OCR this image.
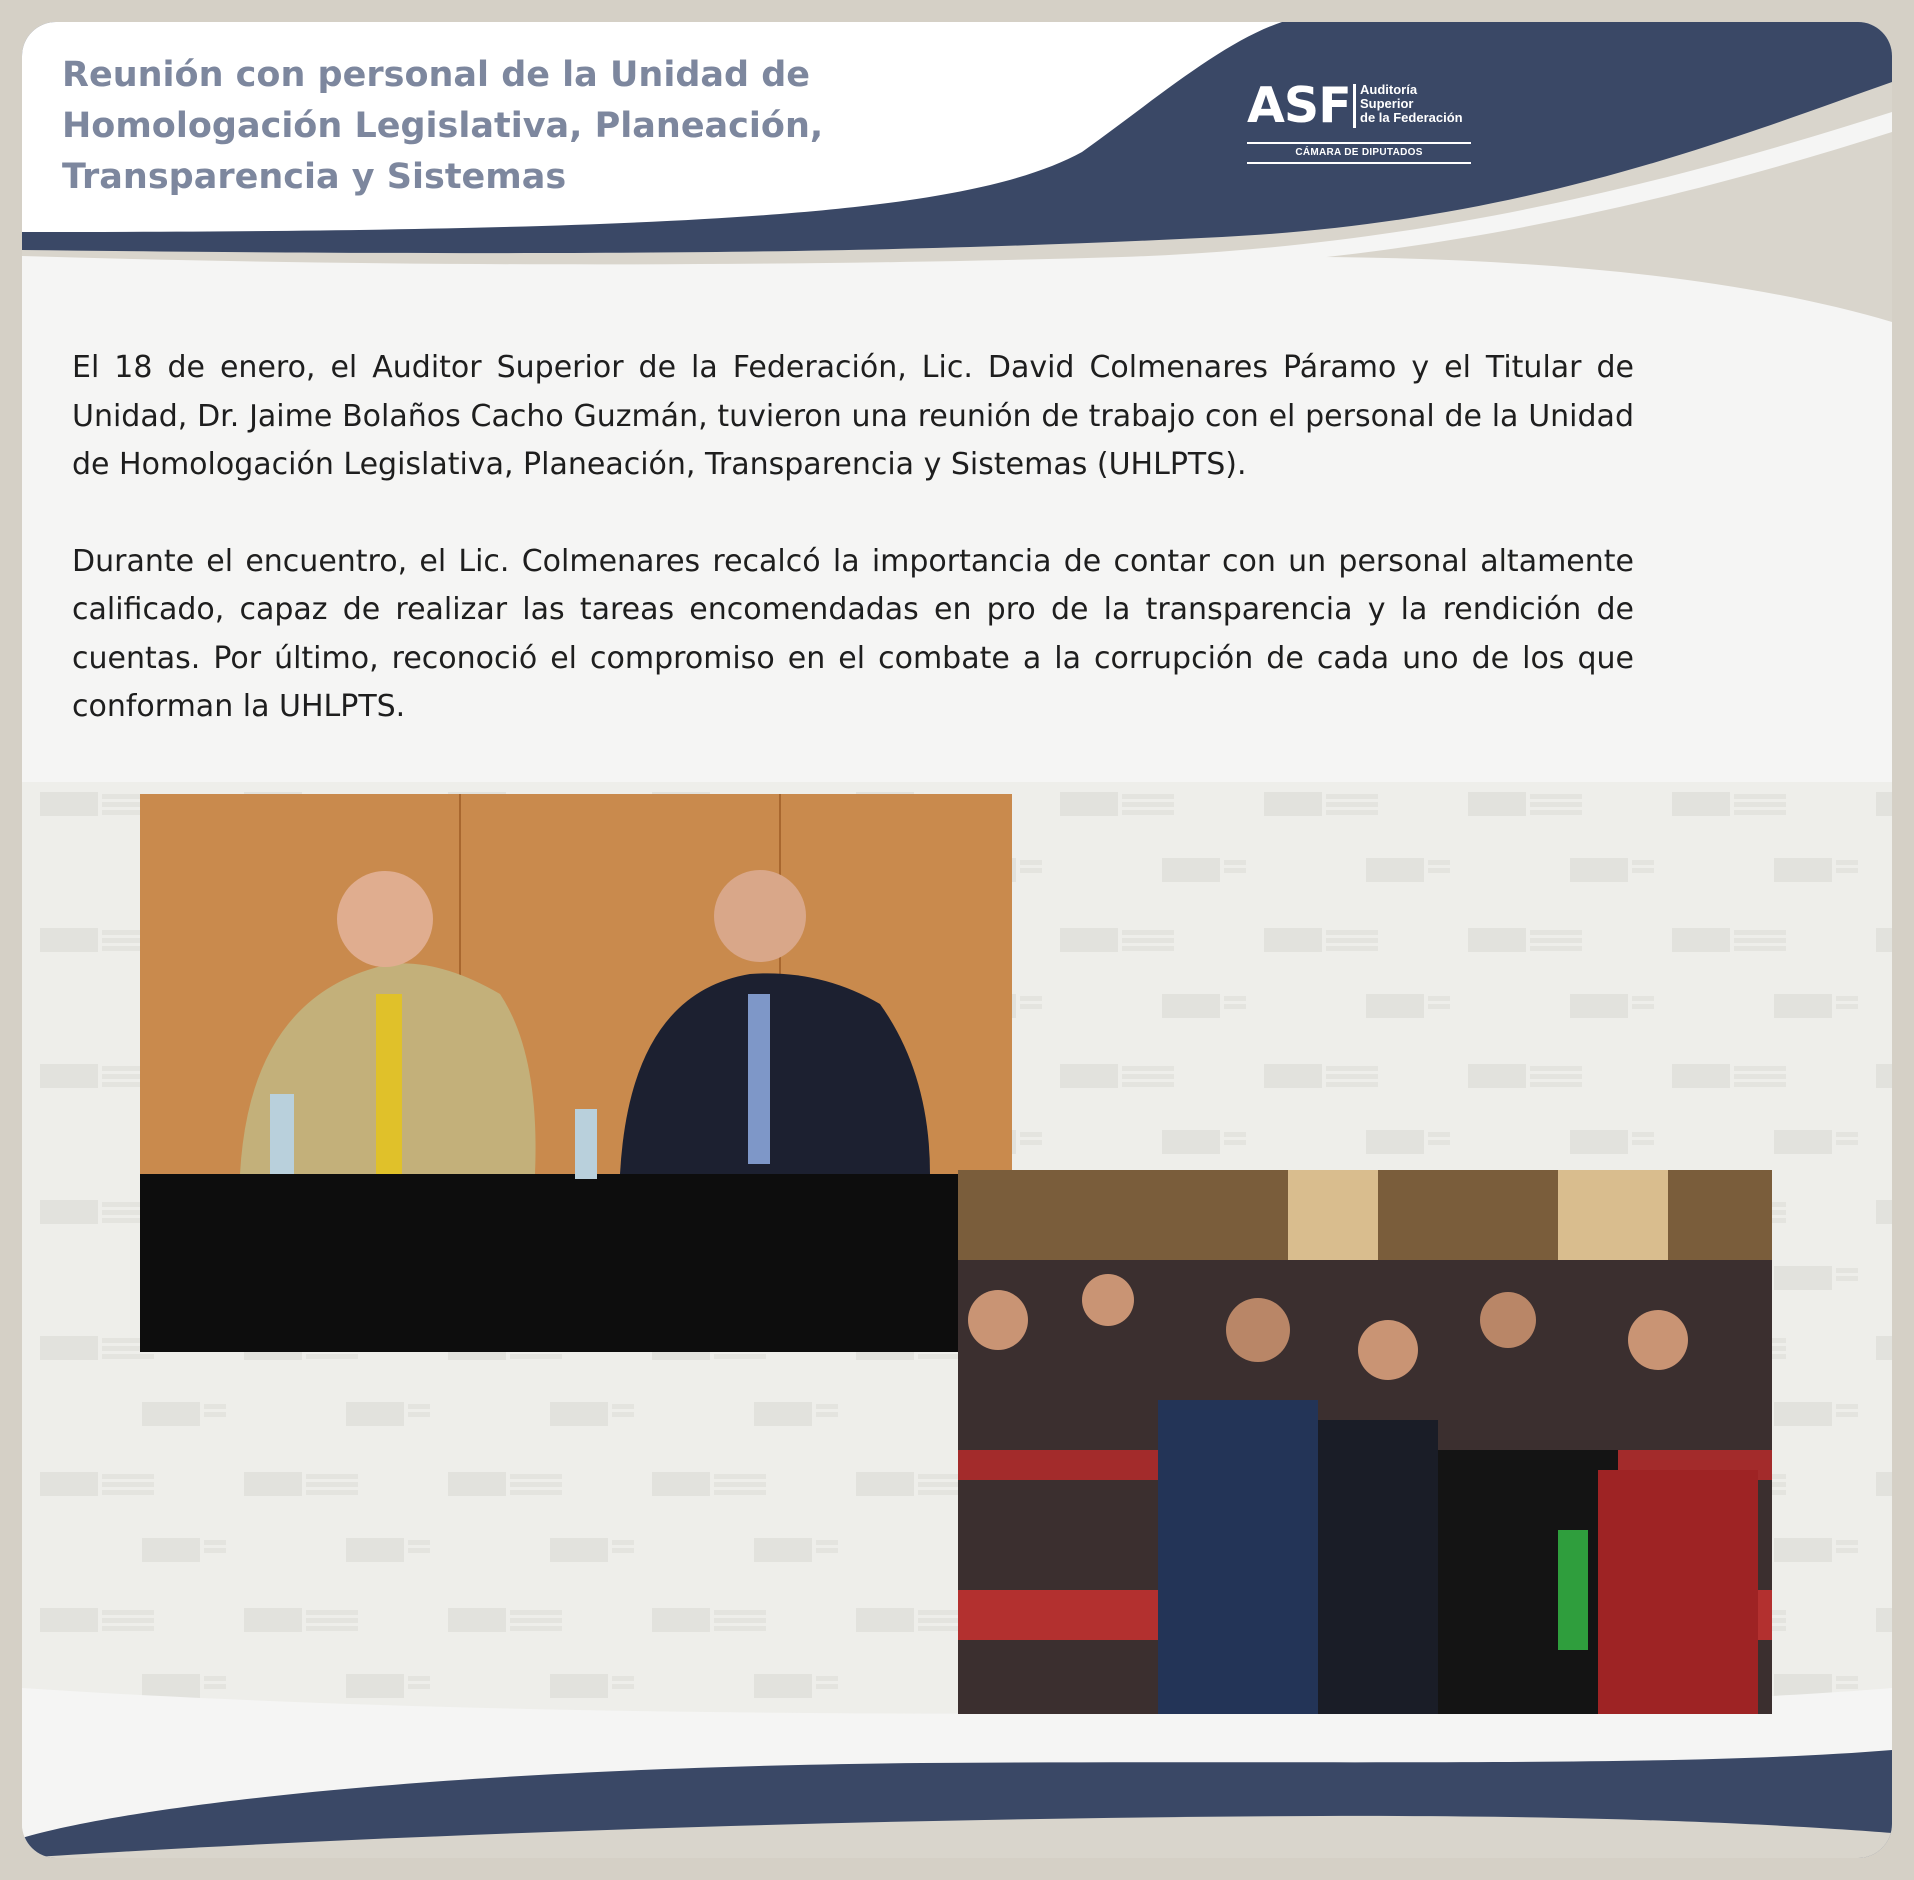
Reunión con personal de la Unidad de
Homologación Legislativa, Planeación,
Transparencia y Sistemas
ASF Auditoría
Superior
de la Federación
CÁMARA DE DIPUTADOS

El 18 de enero, el Auditor Superior de la Federación, Lic. David Colmenares Páramo y el Titular de Unidad, Dr. Jaime Bolaños Cacho Guzmán, tuvieron una reunión de trabajo con el personal de la Unidad de Homologación Legislativa, Planeación, Transparencia y Sistemas (UHLPTS).

Durante el encuentro, el Lic. Colmenares recalcó la importancia de contar con un personal altamente calificado, capaz de realizar las tareas encomendadas en pro de la transparencia y la rendición de cuentas. Por último, reconoció el compromiso en el combate a la corrupción de cada uno de los que conforman la UHLPTS.
